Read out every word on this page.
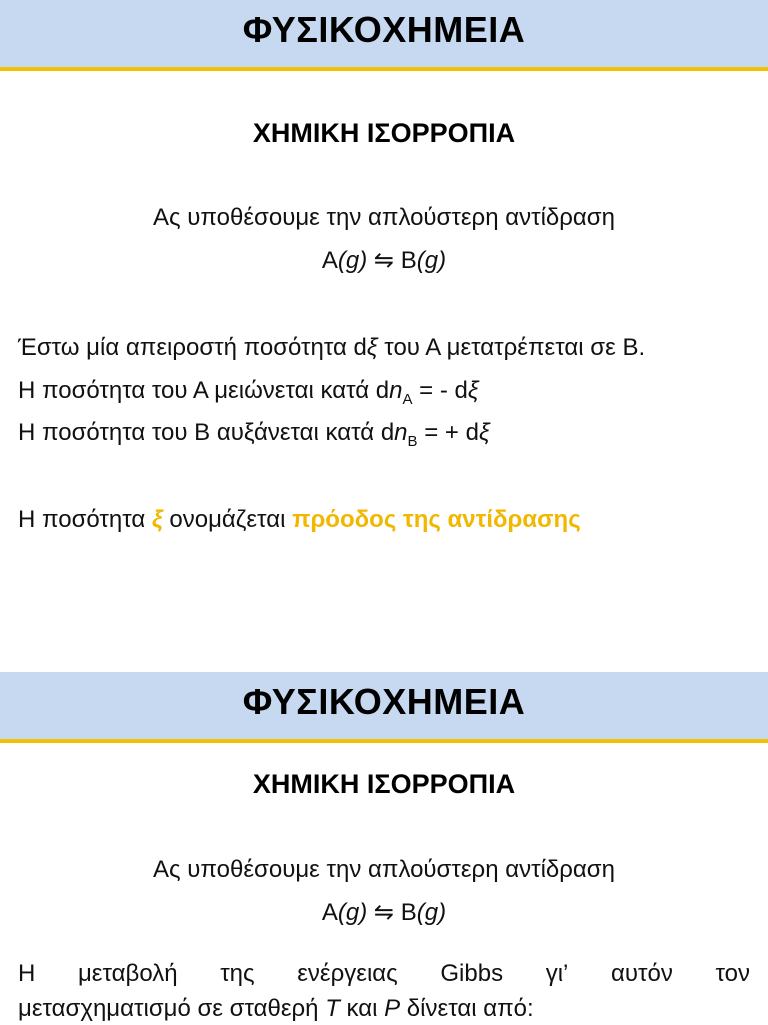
ΦΥΣΙΚΟΧΗΜΕΙΑ
ΧΗΜΙΚΗ ΙΣΟΡΡΟΠΙΑ
Ας υποθέσουμε την απλούστερη αντίδραση
A(g) ⇋ B(g)
Έστω μία απειροστή ποσότητα dξ του Α μετατρέπεται σε Β.
Η ποσότητα του Α μειώνεται κατά $dn_A$ = - dξ
Η ποσότητα του Β αυξάνεται κατά $dn_B$ = + dξ
Η ποσότητα ξ ονομάζεται πρόοδος της αντίδρασης
ΦΥΣΙΚΟΧΗΜΕΙΑ
ΧΗΜΙΚΗ ΙΣΟΡΡΟΠΙΑ
Ας υποθέσουμε την απλούστερη αντίδραση
A(g) ⇋ B(g)
Η μεταβολή της ενέργειας Gibbs γι’ αυτόν τον
μετασχηματισμό σε σταθερή T και P δίνεται από:
